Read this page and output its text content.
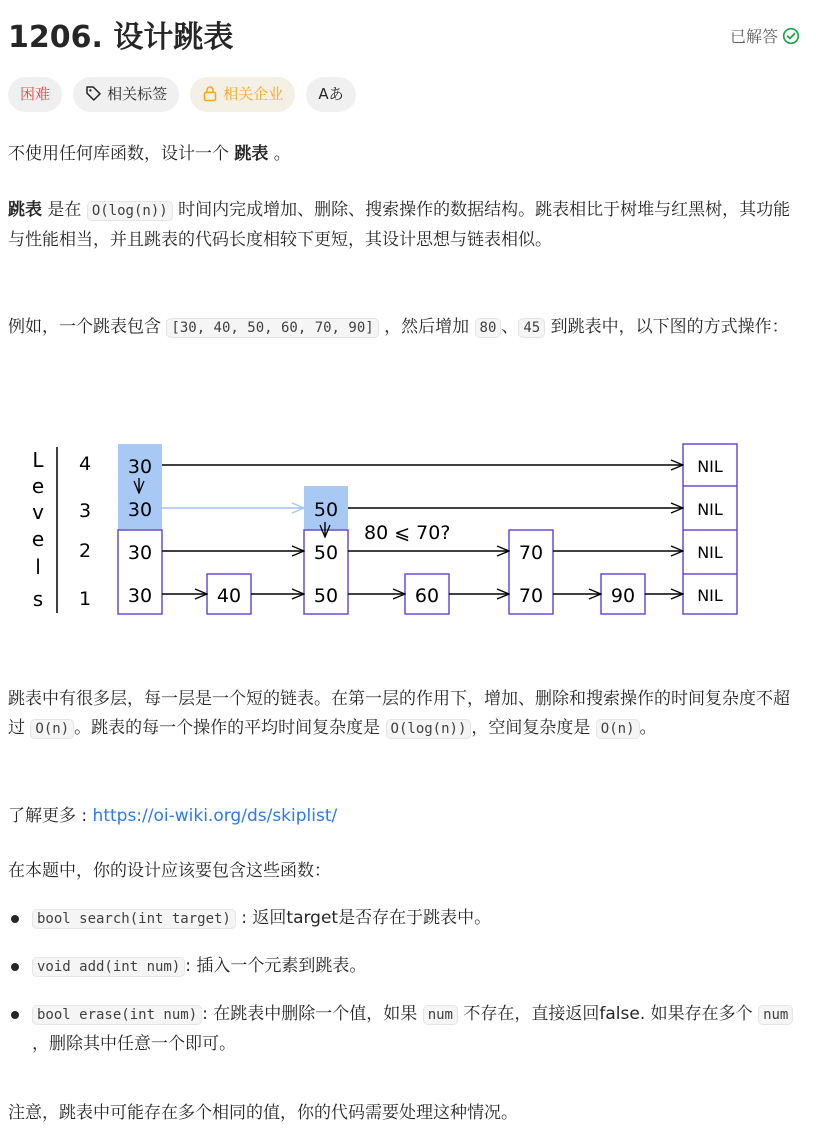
1206. 设计跳表	已解答
困难	相关标签	相关企业 Aあ

不使用任何库函数，设计一个 跳表 。

跳表 是在 O(log(n)) 时间内完成增加、删除、搜索操作的数据结构。跳表相比于树堆与红黑树，其功能与性能相当，并且跳表的代码长度相较下更短，其设计思想与链表相似。

例如，一个跳表包含 [30, 40, 50, 60, 70, 90] ，然后增加 80 、 45 到跳表中，以下图的方式操作：

L
e
v
e
l
s
4
3
2
1
30
30
30
30	40
50
50
50	60
70
70	90
NIL
NIL
NIL
NIL
80 ⩽ 70?

跳表中有很多层，每一层是一个短的链表。在第一层的作用下，增加、删除和搜索操作的时间复杂度不超过 O(n) 。跳表的每一个操作的平均时间复杂度是 O(log(n)) ，空间复杂度是 O(n) 。

了解更多 : https://oi-wiki.org/ds/skiplist/

在本题中，你的设计应该要包含这些函数：

bool search(int target) : 返回target是否存在于跳表中。
void add(int num) : 插入一个元素到跳表。
bool erase(int num) : 在跳表中删除一个值，如果 num 不存在，直接返回false. 如果存在多个 num ，删除其中任意一个即可。

注意，跳表中可能存在多个相同的值，你的代码需要处理这种情况。
